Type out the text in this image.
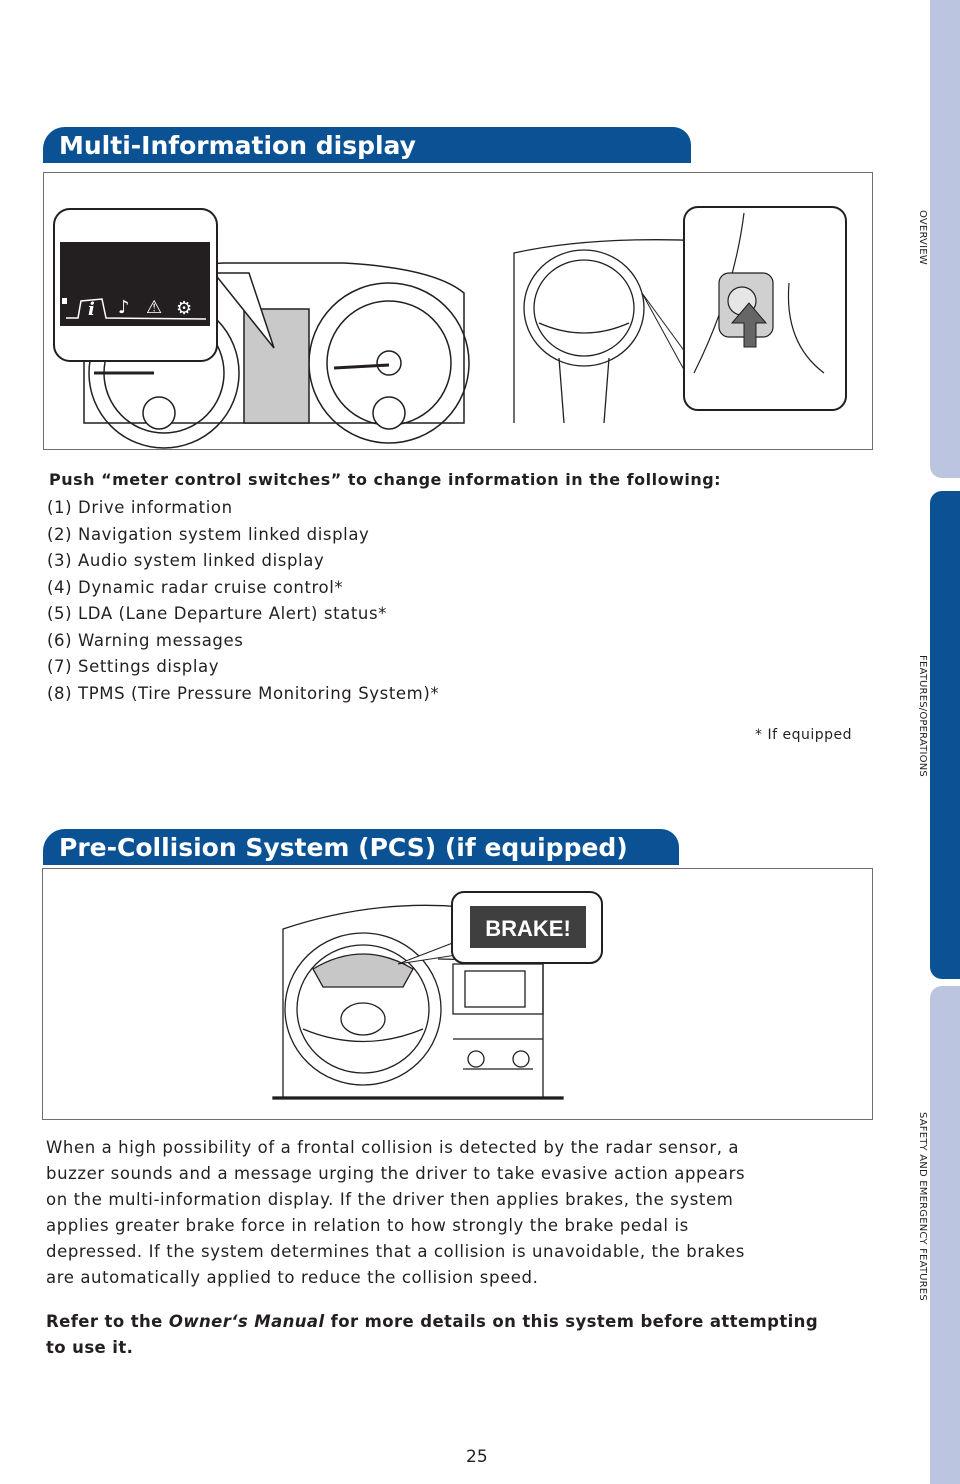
OVERVIEW
FEATURES/OPERATIONS
SAFETY AND EMERGENCY FEATURES
Multi-Information display
i ♪ ⚠ ⚙
Push “meter control switches” to change information in the following:
(1) Drive information
(2) Navigation system linked display
(3) Audio system linked display
(4) Dynamic radar cruise control*
(5) LDA (Lane Departure Alert) status*
(6) Warning messages
(7) Settings display
(8) TPMS (Tire Pressure Monitoring System)*
* If equipped
Pre-Collision System (PCS) (if equipped)
BRAKE!
When a high possibility of a frontal collision is detected by the radar sensor, a
buzzer sounds and a message urging the driver to take evasive action appears
on the multi-information display. If the driver then applies brakes, the system
applies greater brake force in relation to how strongly the brake pedal is
depressed. If the system determines that a collision is unavoidable, the brakes
are automatically applied to reduce the collision speed.
Refer to the Owner‘s Manual for more details on this system before attempting
to use it.
25
